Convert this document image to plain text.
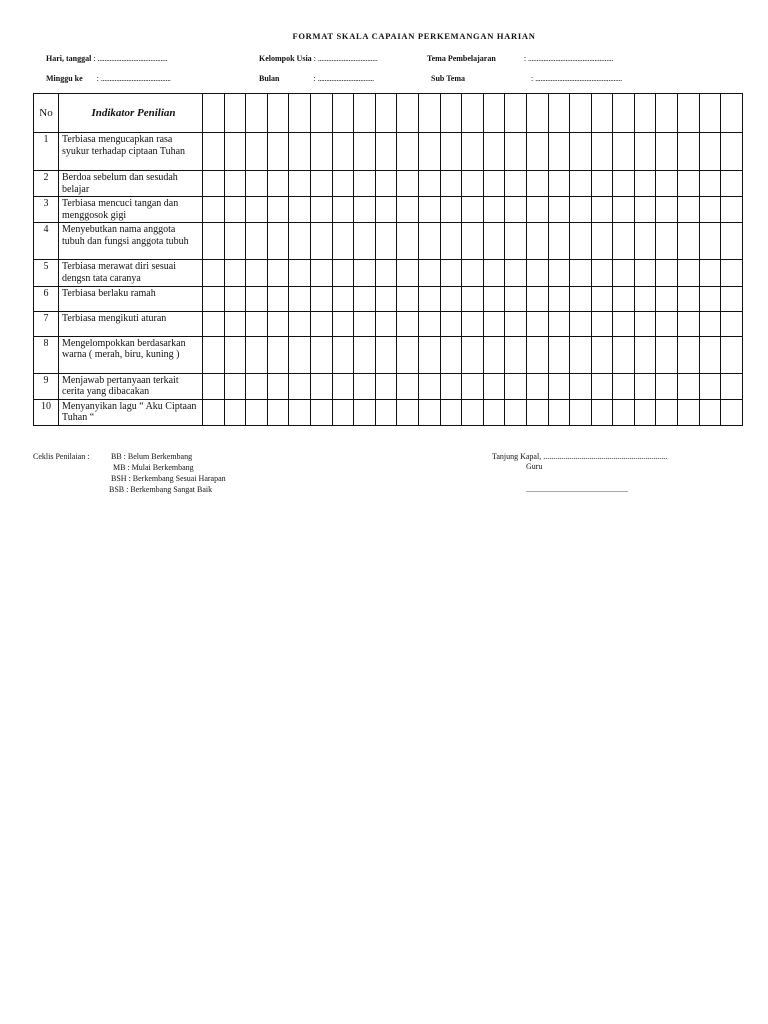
FORMAT SKALA CAPAIAN PERKEMANGAN HARIAN
Hari, tanggal : .........................................	Kelompok Usia : ...................................	Tema Pembelajaran	: ..................................................
Minggu ke : .........................................	Bulan	: .................................	Sub Tema	: ...................................................
No	Indikator Penilian																									
1	Terbiasa mengucapkan rasa syukur terhadap ciptaan Tuhan																									
2	Berdoa sebelum dan sesudah belajar																									
3	Terbiasa mencuci tangan dan menggosok gigi																									
4	Menyebutkan nama anggota tubuh dan fungsi anggota tubuh																									
5	Terbiasa merawat diri sesuai dengsn tata caranya																									
6	Terbiasa berlaku ramah																									
7	Terbiasa mengikuti aturan																									
8	Mengelompokkan berdasarkan warna ( merah, biru, kuning )																									
9	Menjawab pertanyaan terkait cerita yang dibacakan																									
10	Menyanyikan lagu “ Aku Ciptaan Tuhan “																									
Ceklis Penilaian :	BB : Belum Berkembang
MB : Mulai Berkembang
BSH : Berkembang Sesuai Harapan
BSB : Berkembang Sangat Baik
Tanjung Kapal, ..............................................................
Guru
...................................................
